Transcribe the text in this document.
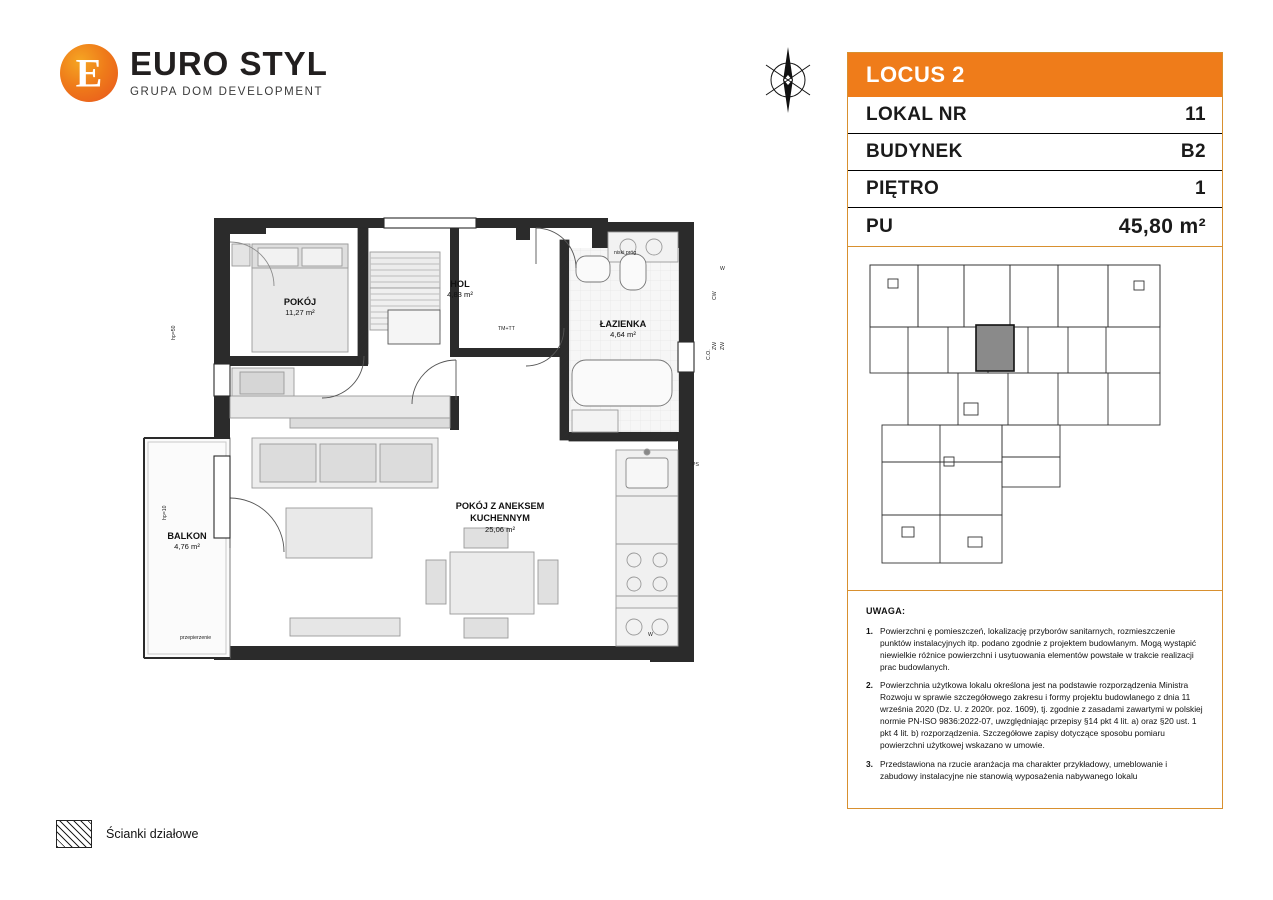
E
EURO STYL
GRUPA DOM DEVELOPMENT
LOCUS 2
LOKAL NR	11
BUDYNEK	B2
PIĘTRO	1
PU	45,80 m²
UWAGA:
1. Powierzchni ę pomieszczeń, lokalizację przyborów sanitarnych, rozmieszczenie punktów instalacyjnych itp. podano zgodnie z projektem budowlanym. Mogą wystąpić niewielkie różnice powierzchni i usytuowania elementów powstałe w trakcie realizacji prac budowlanych.
2. Powierzchnia użytkowa lokalu określona jest na podstawie rozporządzenia Ministra Rozwoju w sprawie szczegółowego zakresu i formy projektu budowlanego z dnia 11 września 2020 (Dz. U. z 2020r. poz. 1609), tj. zgodnie z zasadami zawartymi w polskiej normie PN-ISO 9836:2022-07, uwzględniając przepisy §14 pkt 4 lit. a) oraz §20 ust. 1 pkt 4 lit. b) rozporządzenia. Szczegółowe zapisy dotyczące sposobu pomiaru powierzchni użytkowej wskazano w umowie.
3. Przedstawiona na rzucie aranżacja ma charakter przykładowy, umeblowanie i zabudowy instalacyjne nie stanowią wyposażenia nabywanego lokalu
Ścianki działowe
POKÓJ
11,27 m²
HOL
4,83 m²
ŁAZIENKA
4,64 m²
POKÓJ Z ANEKSEM
KUCHENNYM
25,06 m²
BALKON
4,76 m²
przepierzenie
TM+TT
niski próg
hp=50
hp=10
W
W
CW
ZW
ZW
C.O.
PS
